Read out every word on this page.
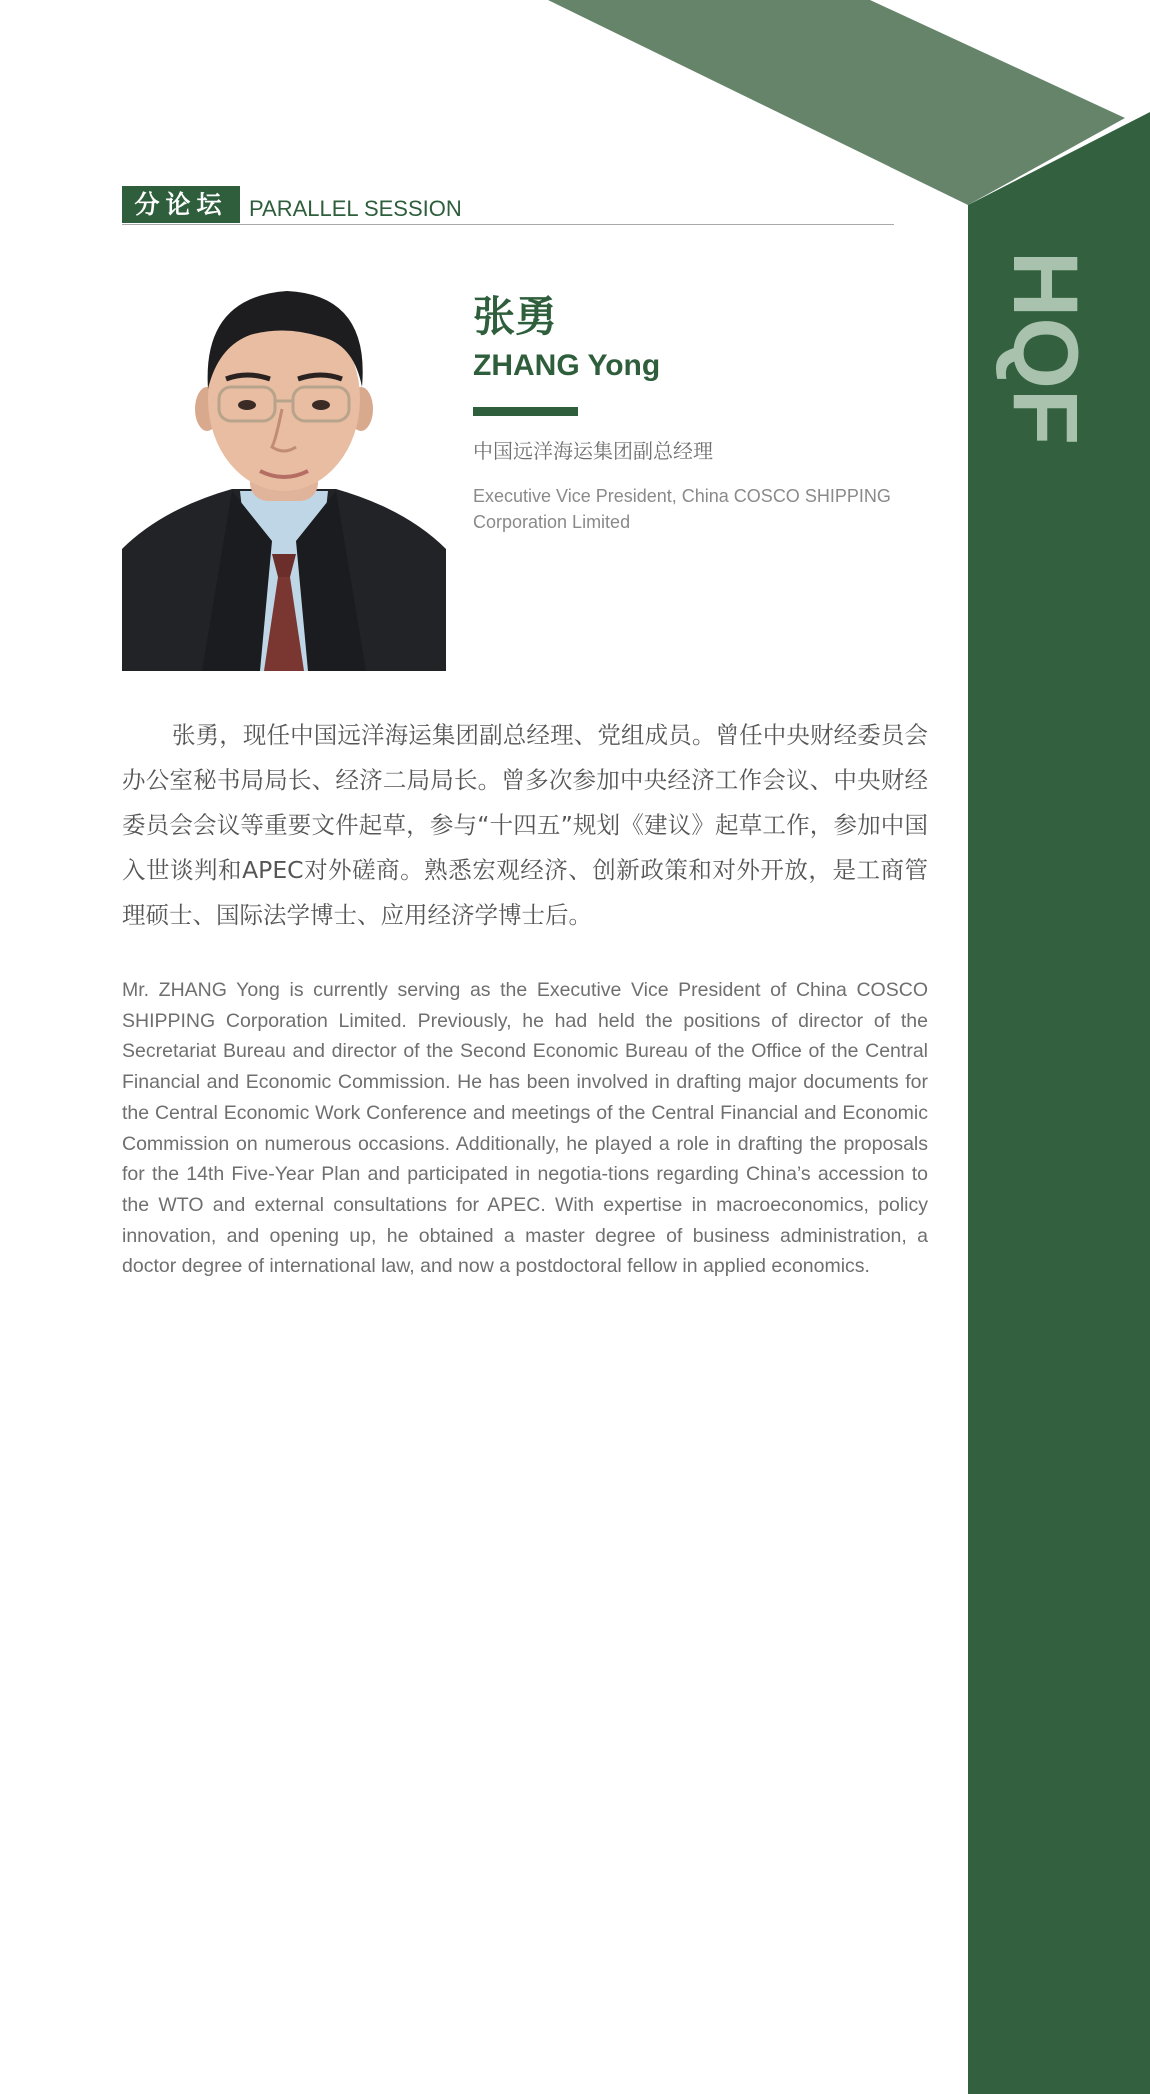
HQF
分论坛 PARALLEL SESSION
张勇
ZHANG Yong
中国远洋海运集团副总经理
Executive Vice President, China COSCO SHIPPING Corporation Limited

张勇，现任中国远洋海运集团副总经理、党组成员。曾任中央财经委员会办公室秘书局局长、经济二局局长。曾多次参加中央经济工作会议、中央财经委员会会议等重要文件起草，参与“十四五”规划《建议》起草工作，参加中国入世谈判和APEC对外磋商。熟悉宏观经济、创新政策和对外开放，是工商管理硕士、国际法学博士、应用经济学博士后。

Mr. ZHANG Yong is currently serving as the Executive Vice President of China COSCO SHIPPING Corporation Limited. Previously, he had held the positions of director of the Secretariat Bureau and director of the Second Economic Bureau of the Office of the Central Financial and Economic Commission. He has been involved in drafting major documents for the Central Economic Work Conference and meetings of the Central Financial and Economic Commission on numerous occasions. Additionally, he played a role in drafting the proposals for the 14th Five-Year Plan and participated in negotia-tions regarding China’s accession to the WTO and external consultations for APEC. With expertise in macroeconomics, policy innovation, and opening up, he obtained a master degree of business administration, a doctor degree of international law, and now a postdoctoral fellow in applied economics.
